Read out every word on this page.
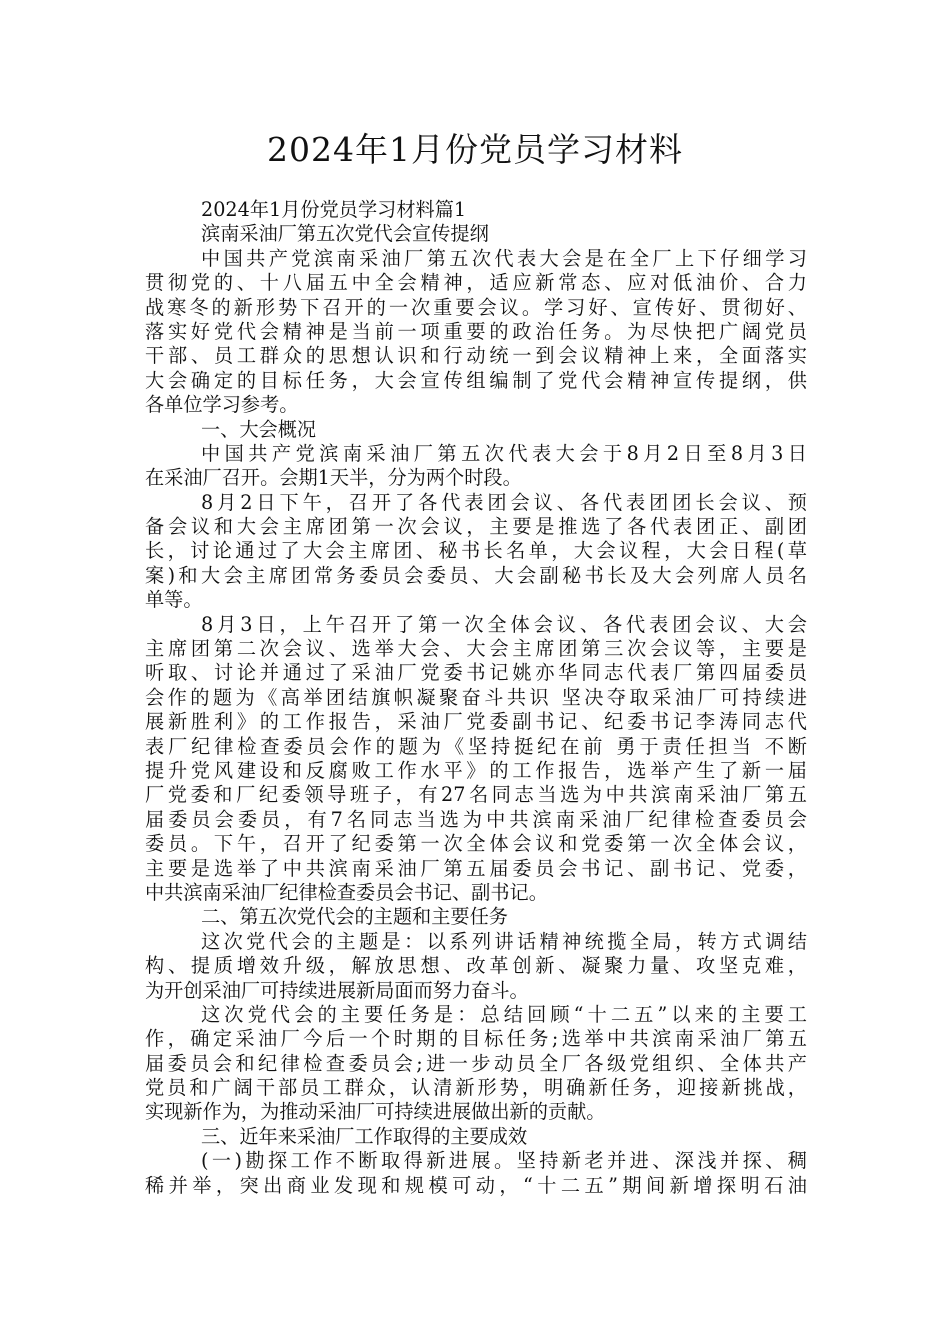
2024年1月份党员学习材料
2024年1月份党员学习材料篇1
滨南采油厂第五次党代会宣传提纲
中国共产党滨南采油厂第五次代表大会是在全厂上下仔细学习
贯彻党的、十八届五中全会精神，适应新常态、应对低油价、合力
战寒冬的新形势下召开的一次重要会议。学习好、宣传好、贯彻好、
落实好党代会精神是当前一项重要的政治任务。为尽快把广阔党员
干部、员工群众的思想认识和行动统一到会议精神上来，全面落实
大会确定的目标任务，大会宣传组编制了党代会精神宣传提纲，供
各单位学习参考。
一、大会概况
中国共产党滨南采油厂第五次代表大会于8月2日至8月3日
在采油厂召开。会期1天半，分为两个时段。
8月2日下午，召开了各代表团会议、各代表团团长会议、预
备会议和大会主席团第一次会议，主要是推选了各代表团正、副团
长，讨论通过了大会主席团、秘书长名单，大会议程，大会日程(草
案)和大会主席团常务委员会委员、大会副秘书长及大会列席人员名
单等。
8月3日，上午召开了第一次全体会议、各代表团会议、大会
主席团第二次会议、选举大会、大会主席团第三次会议等，主要是
听取、讨论并通过了采油厂党委书记姚亦华同志代表厂第四届委员
会作的题为《高举团结旗帜凝聚奋斗共识 坚决夺取采油厂可持续进
展新胜利》的工作报告，采油厂党委副书记、纪委书记李涛同志代
表厂纪律检查委员会作的题为《坚持挺纪在前 勇于责任担当 不断
提升党风建设和反腐败工作水平》的工作报告，选举产生了新一届
厂党委和厂纪委领导班子，有27名同志当选为中共滨南采油厂第五
届委员会委员，有7名同志当选为中共滨南采油厂纪律检查委员会
委员。下午，召开了纪委第一次全体会议和党委第一次全体会议，
主要是选举了中共滨南采油厂第五届委员会书记、副书记、党委，
中共滨南采油厂纪律检查委员会书记、副书记。
二、第五次党代会的主题和主要任务
这次党代会的主题是：以系列讲话精神统揽全局，转方式调结
构、提质增效升级，解放思想、改革创新、凝聚力量、攻坚克难，
为开创采油厂可持续进展新局面而努力奋斗。
这次党代会的主要任务是：总结回顾“十二五”以来的主要工
作，确定采油厂今后一个时期的目标任务;选举中共滨南采油厂第五
届委员会和纪律检查委员会;进一步动员全厂各级党组织、全体共产
党员和广阔干部员工群众，认清新形势，明确新任务，迎接新挑战，
实现新作为，为推动采油厂可持续进展做出新的贡献。
三、近年来采油厂工作取得的主要成效
(一)勘探工作不断取得新进展。坚持新老并进、深浅并探、稠
稀并举，突出商业发现和规模可动，“十二五”期间新增探明石油
